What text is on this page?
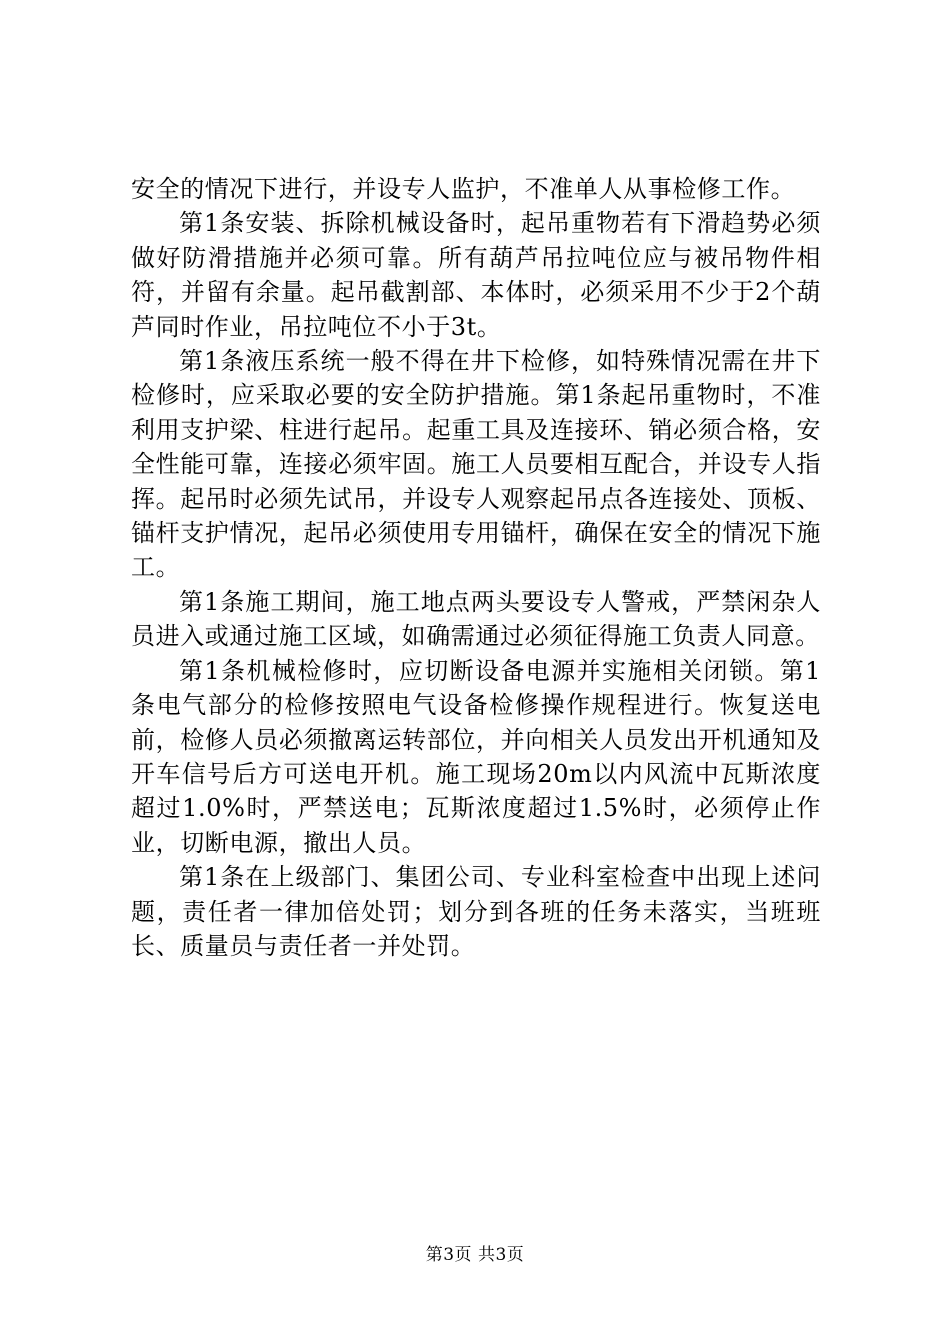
安全的情况下进行，并设专人监护，不准单人从事检修工作。

第1条安装、拆除机械设备时，起吊重物若有下滑趋势必须做好防滑措施并必须可靠。所有葫芦吊拉吨位应与被吊物件相符，并留有余量。起吊截割部、本体时，必须采用不少于2个葫芦同时作业，吊拉吨位不小于3t。

第1条液压系统一般不得在井下检修，如特殊情况需在井下检修时，应采取必要的安全防护措施。第1条起吊重物时，不准利用支护梁、柱进行起吊。起重工具及连接环、销必须合格，安全性能可靠，连接必须牢固。施工人员要相互配合，并设专人指挥。起吊时必须先试吊，并设专人观察起吊点各连接处、顶板、锚杆支护情况，起吊必须使用专用锚杆，确保在安全的情况下施工。

第1条施工期间，施工地点两头要设专人警戒，严禁闲杂人员进入或通过施工区域，如确需通过必须征得施工负责人同意。

第1条机械检修时，应切断设备电源并实施相关闭锁。第1条电气部分的检修按照电气设备检修操作规程进行。恢复送电前，检修人员必须撤离运转部位，并向相关人员发出开机通知及开车信号后方可送电开机。施工现场20m以内风流中瓦斯浓度超过1.0%时，严禁送电；瓦斯浓度超过1.5%时，必须停止作业，切断电源，撤出人员。

第1条在上级部门、集团公司、专业科室检查中出现上述问题，责任者一律加倍处罚；划分到各班的任务未落实，当班班长、质量员与责任者一并处罚。

第3页 共3页
